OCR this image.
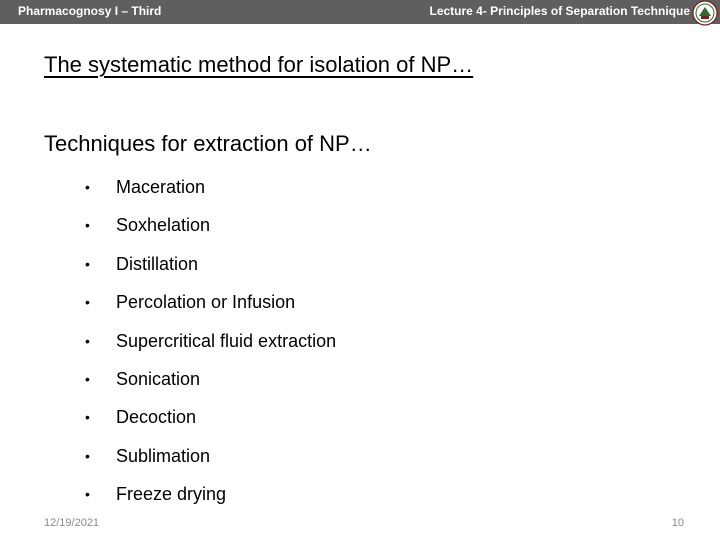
Pharmacognosy I – Third	Lecture 4- Principles of Separation Technique
The systematic method for isolation of NP…
Techniques for extraction of NP…
• Maceration
• Soxhelation
• Distillation
• Percolation or Infusion
• Supercritical fluid extraction
• Sonication
• Decoction
• Sublimation
• Freeze drying
12/19/2021	10
